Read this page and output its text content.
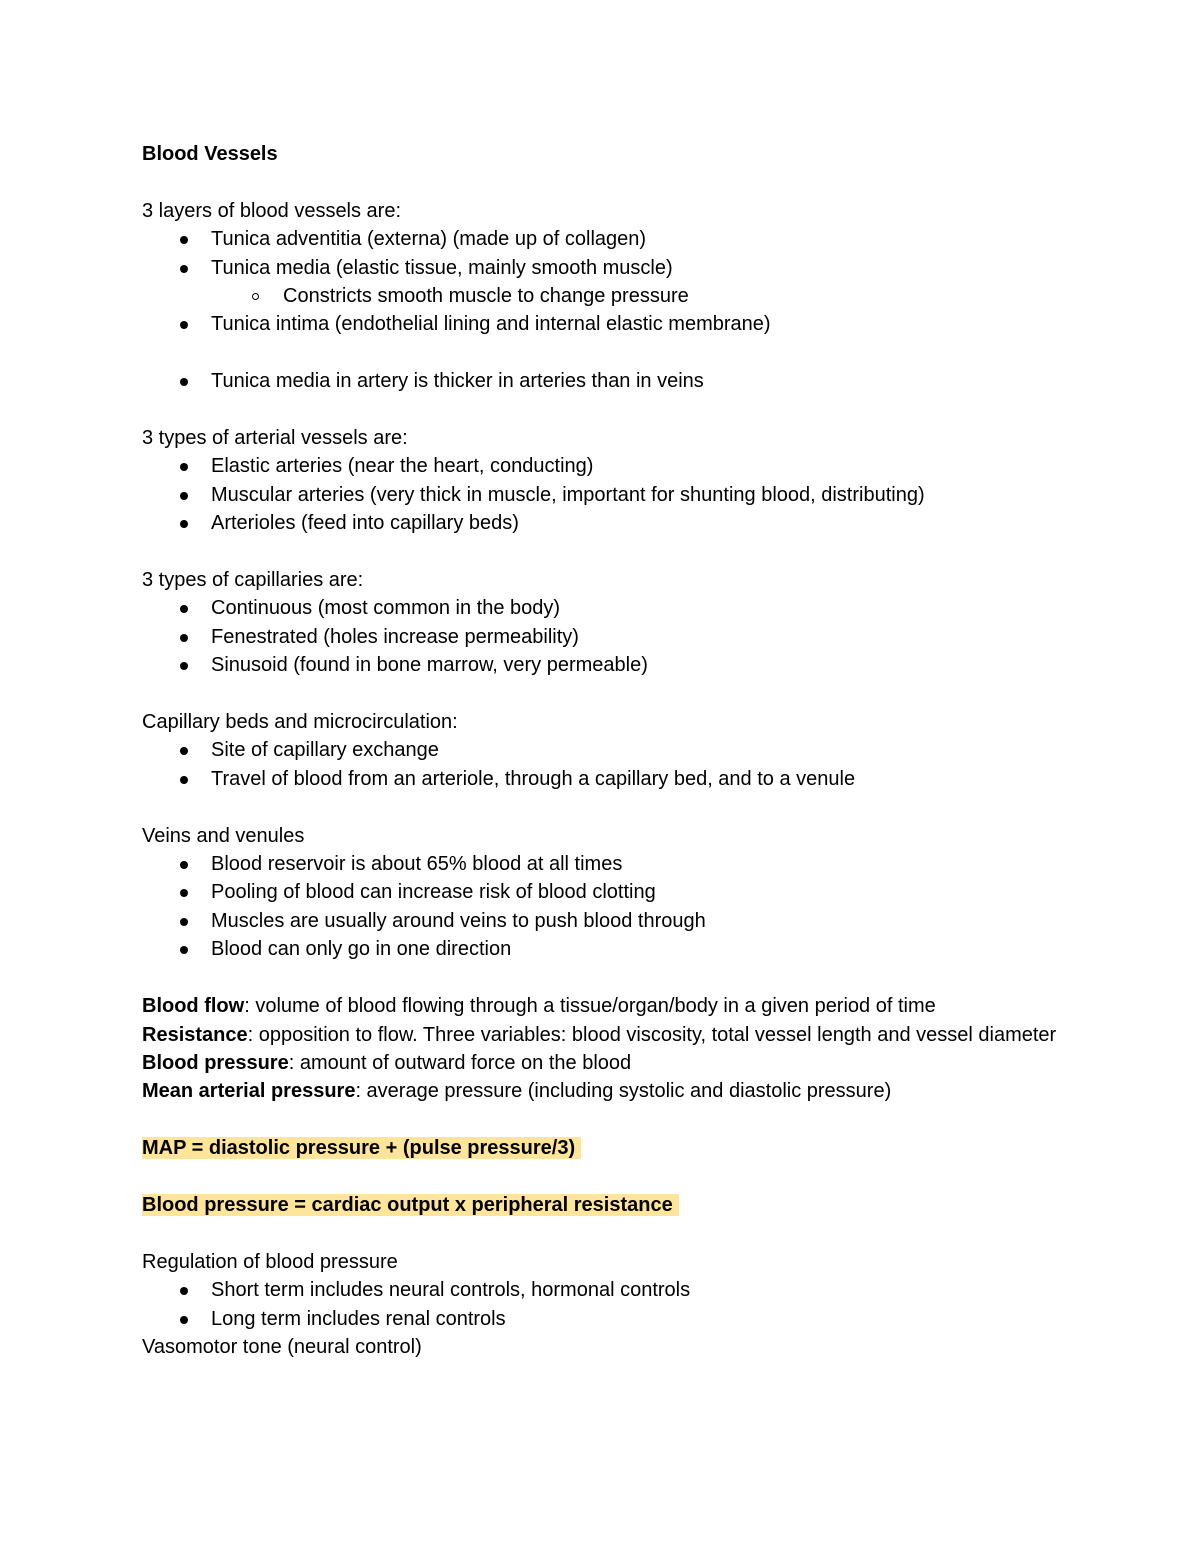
Blood Vessels
3 layers of blood vessels are:
Tunica adventitia (externa) (made up of collagen)
Tunica media (elastic tissue, mainly smooth muscle)
Constricts smooth muscle to change pressure
Tunica intima (endothelial lining and internal elastic membrane)

Tunica media in artery is thicker in arteries than in veins
3 types of arterial vessels are:
Elastic arteries (near the heart, conducting)
Muscular arteries (very thick in muscle, important for shunting blood, distributing)
Arterioles (feed into capillary beds)
3 types of capillaries are:
Continuous (most common in the body)
Fenestrated (holes increase permeability)
Sinusoid (found in bone marrow, very permeable)
Capillary beds and microcirculation:
Site of capillary exchange
Travel of blood from an arteriole, through a capillary bed, and to a venule
Veins and venules
Blood reservoir is about 65% blood at all times
Pooling of blood can increase risk of blood clotting
Muscles are usually around veins to push blood through
Blood can only go in one direction
Blood flow: volume of blood flowing through a tissue/organ/body in a given period of time
Resistance: opposition to flow. Three variables: blood viscosity, total vessel length and vessel diameter
Blood pressure: amount of outward force on the blood
Mean arterial pressure: average pressure (including systolic and diastolic pressure)
MAP = diastolic pressure + (pulse pressure/3)
Blood pressure = cardiac output x peripheral resistance
Regulation of blood pressure
Short term includes neural controls, hormonal controls
Long term includes renal controls
Vasomotor tone (neural control)
